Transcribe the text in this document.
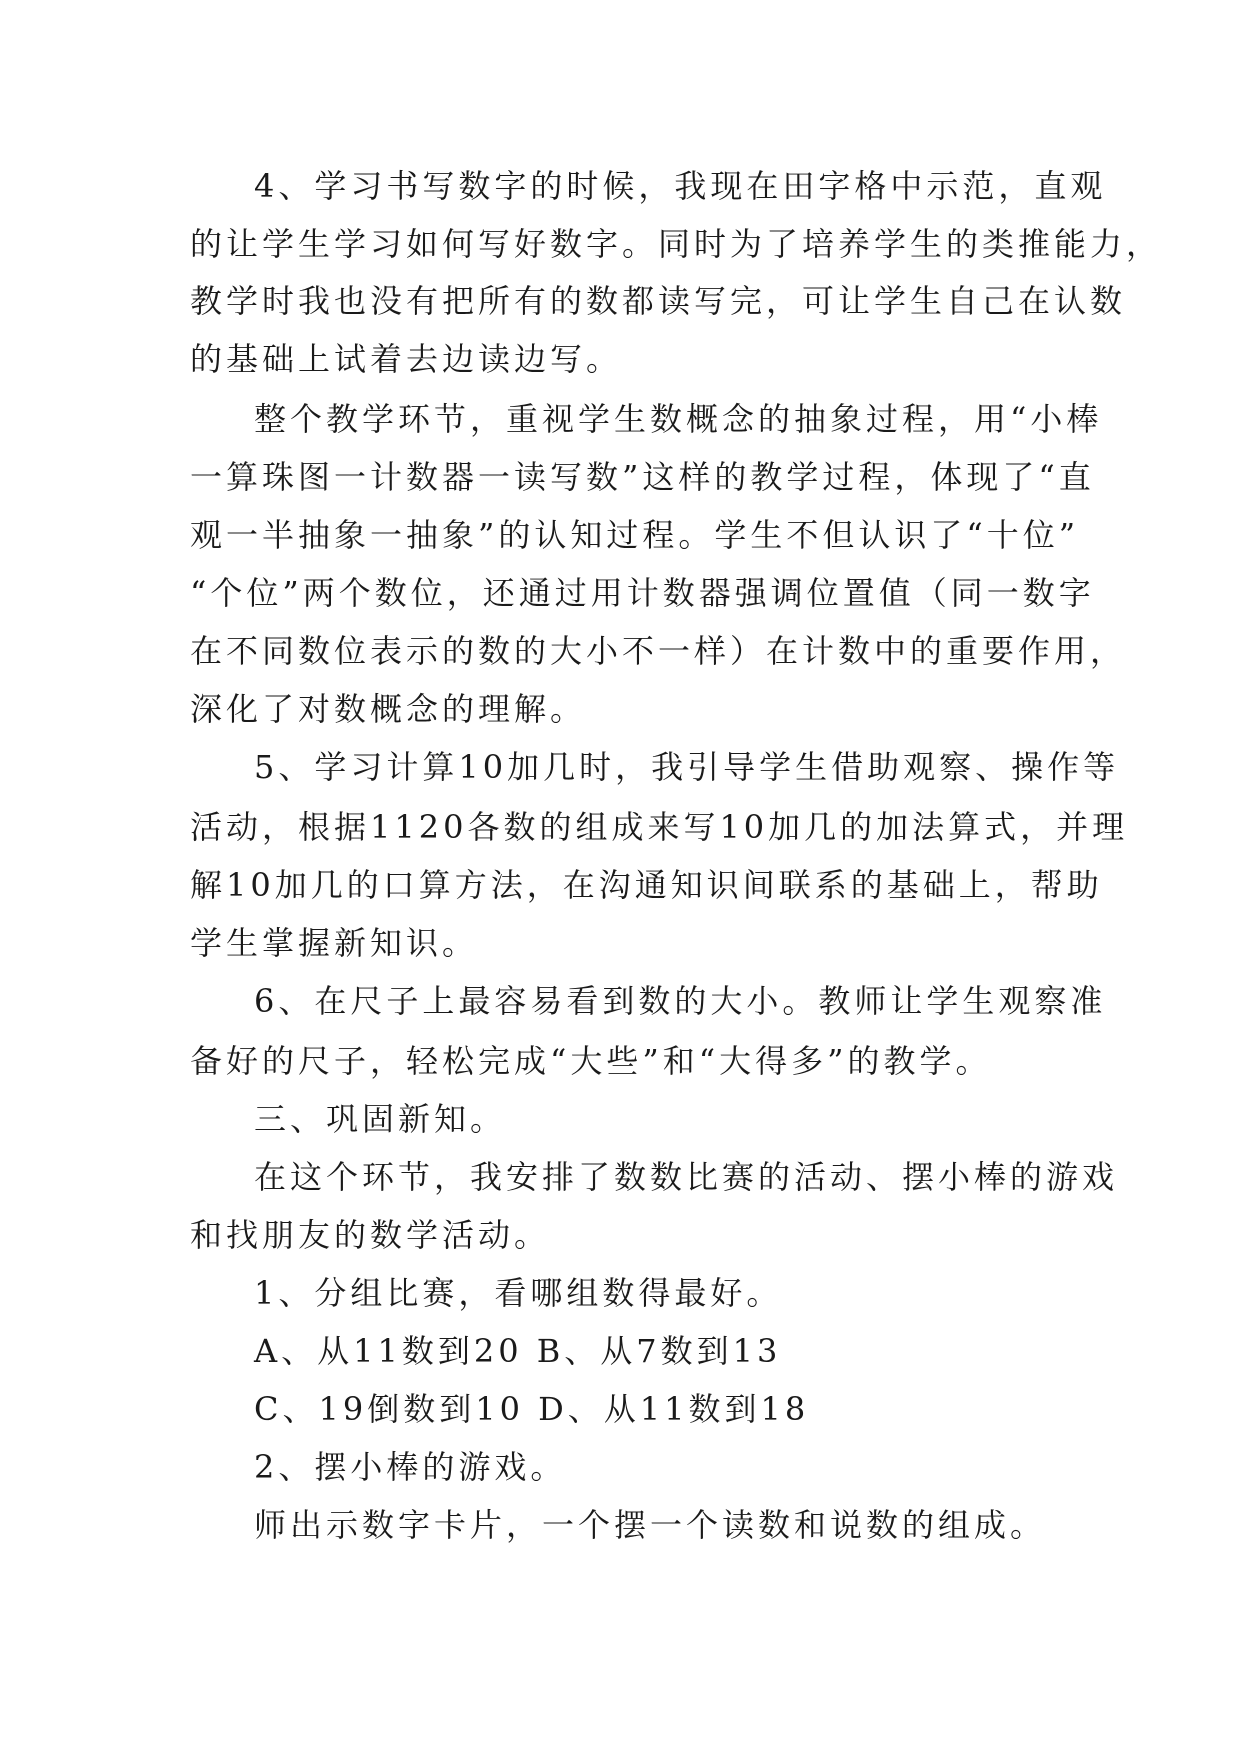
4、学习书写数字的时候，我现在田字格中示范，直观
的让学生学习如何写好数字。同时为了培养学生的类推能力，
教学时我也没有把所有的数都读写完，可让学生自己在认数
的基础上试着去边读边写。
整个教学环节，重视学生数概念的抽象过程，用“小棒
一算珠图一计数器一读写数”这样的教学过程，体现了“直
观一半抽象一抽象”的认知过程。学生不但认识了“十位”
“个位”两个数位，还通过用计数器强调位置值（同一数字
在不同数位表示的数的大小不一样）在计数中的重要作用，
深化了对数概念的理解。
5、学习计算10加几时，我引导学生借助观察、操作等
活动，根据1120各数的组成来写10加几的加法算式，并理
解10加几的口算方法，在沟通知识间联系的基础上，帮助
学生掌握新知识。
6、在尺子上最容易看到数的大小。教师让学生观察准
备好的尺子，轻松完成“大些”和“大得多”的教学。
三、巩固新知。
在这个环节，我安排了数数比赛的活动、摆小棒的游戏
和找朋友的数学活动。
1、分组比赛，看哪组数得最好。
A、从11数到20 B、从7数到13
C、19倒数到10 D、从11数到18
2、摆小棒的游戏。
师出示数字卡片，一个摆一个读数和说数的组成。
